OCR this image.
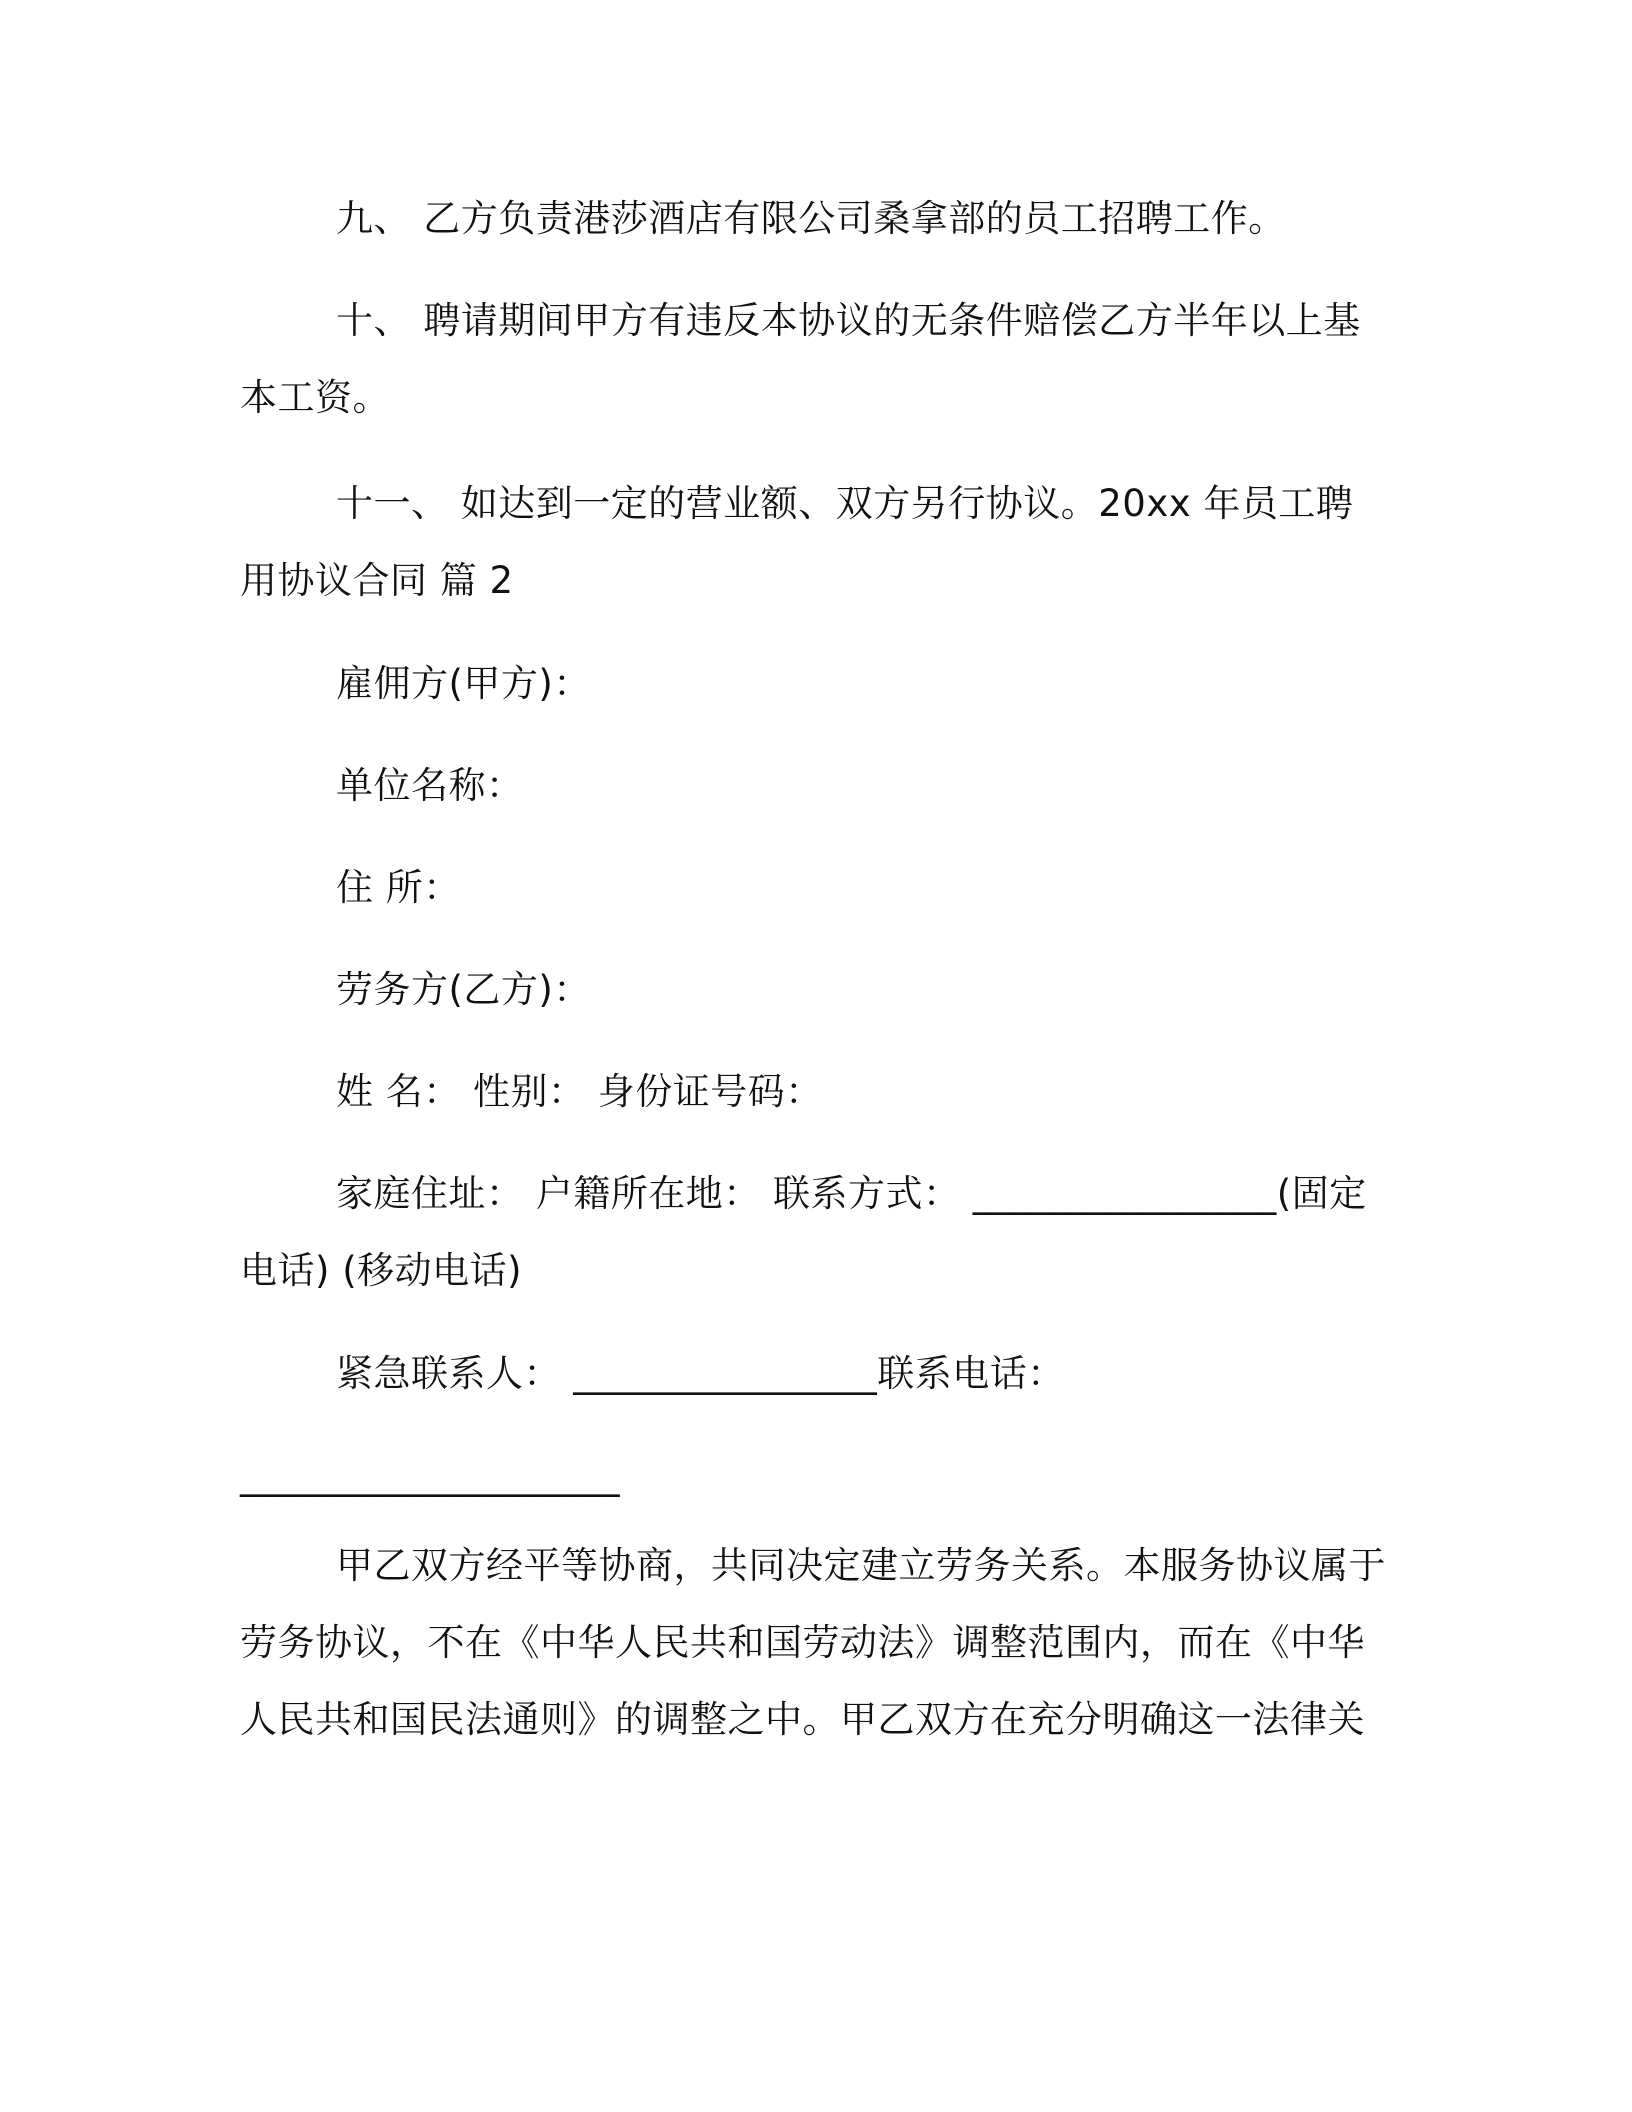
九、 乙方负责港莎酒店有限公司桑拿部的员工招聘工作。

十、 聘请期间甲方有违反本协议的无条件赔偿乙方半年以上基本工资。

十一、 如达到一定的营业额、双方另行协议。20xx 年员工聘用协议合同 篇 2

雇佣方(甲方)：

单位名称：

住 所：

劳务方(乙方)：

姓 名： 性别： 身份证号码：

家庭住址： 户籍所在地： 联系方式： ________________(固定电话) (移动电话)

紧急联系人： ________________联系电话：

____________________

甲乙双方经平等协商，共同决定建立劳务关系。本服务协议属于劳务协议，不在《中华人民共和国劳动法》调整范围内，而在《中华人民共和国民法通则》的调整之中。甲乙双方在充分明确这一法律关
